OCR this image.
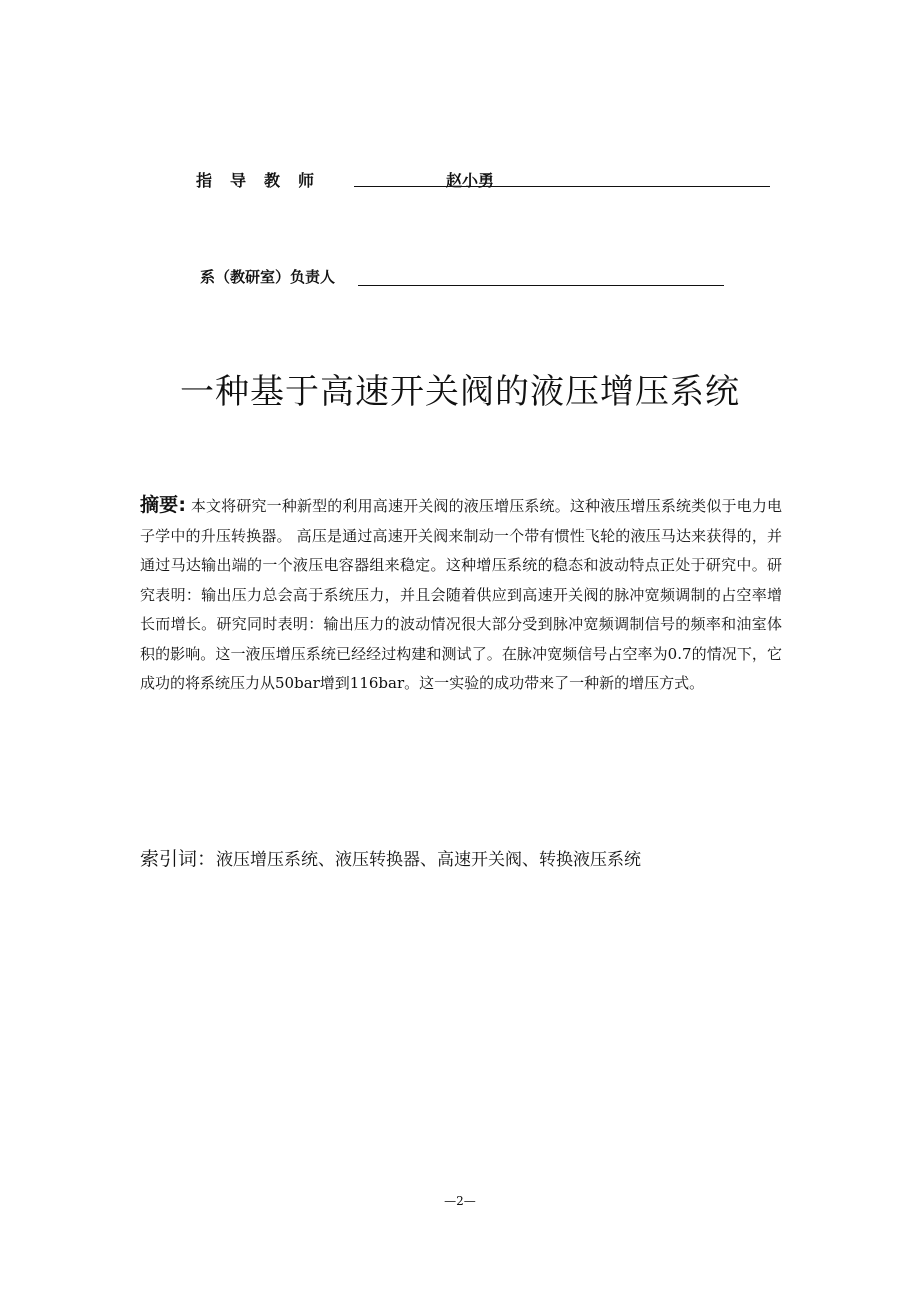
指导教师	赵小勇
系（教研室）负责人
一种基于高速开关阀的液压增压系统
摘要: 本文将研究一种新型的利用高速开关阀的液压增压系统。这种液压增压系统类似于电力电子学中的升压转换器。 高压是通过高速开关阀来制动一个带有惯性飞轮的液压马达来获得的，并通过马达输出端的一个液压电容器组来稳定。这种增压系统的稳态和波动特点正处于研究中。研究表明：输出压力总会高于系统压力，并且会随着供应到高速开关阀的脉冲宽频调制的占空率增长而增长。研究同时表明：输出压力的波动情况很大部分受到脉冲宽频调制信号的频率和油室体积的影响。这一液压增压系统已经经过构建和测试了。在脉冲宽频信号占空率为0.7的情况下，它成功的将系统压力从50bar增到116bar。这一实验的成功带来了一种新的增压方式。
索引词：液压增压系统、液压转换器、高速开关阀、转换液压系统
—2—
